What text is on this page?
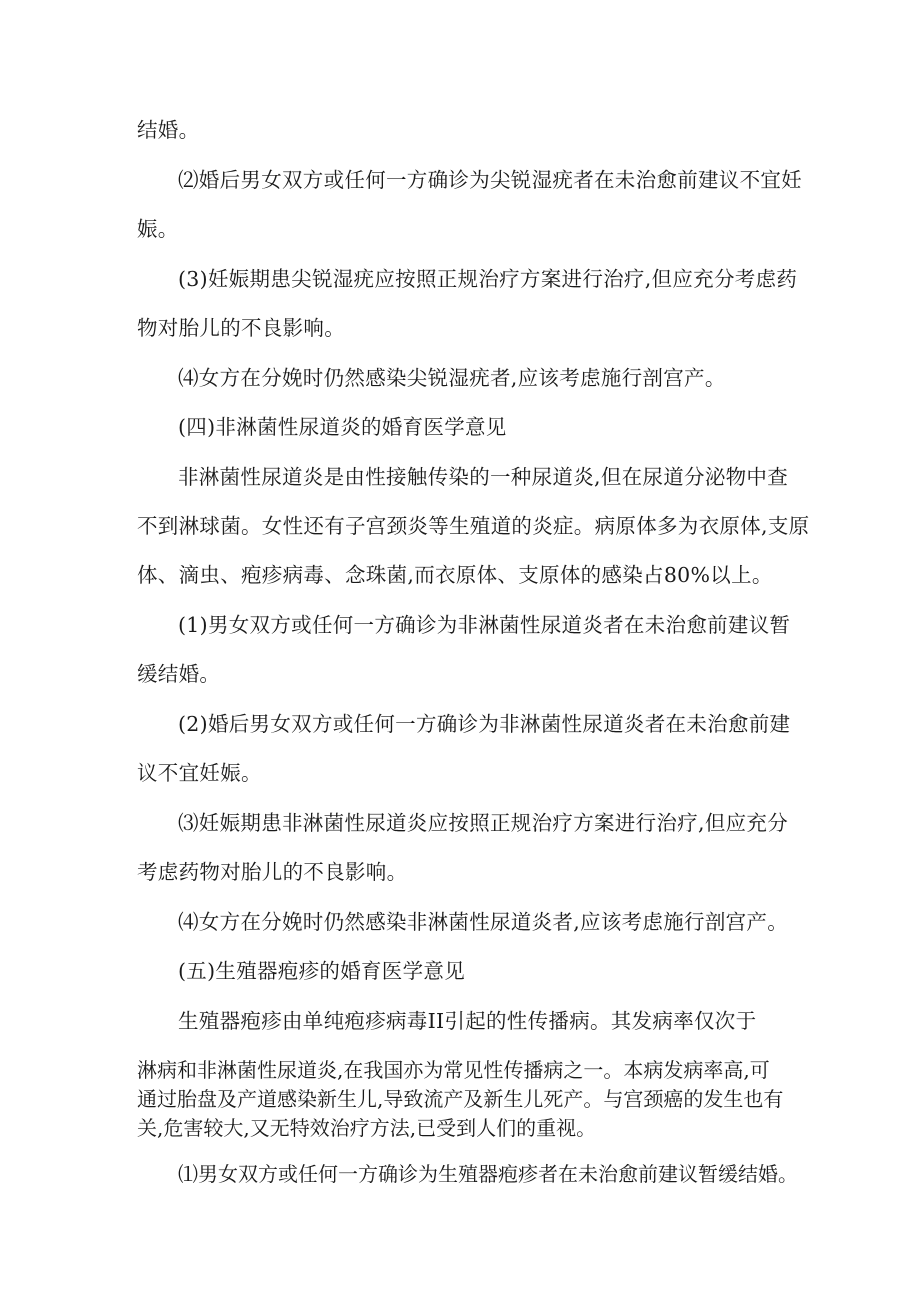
结婚。
⑵婚后男女双方或任何一方确诊为尖锐湿疣者在未治愈前建议不宜妊
娠。
(3)妊娠期患尖锐湿疣应按照正规治疗方案进行治疗,但应充分考虑药
物对胎儿的不良影响。
⑷女方在分娩时仍然感染尖锐湿疣者,应该考虑施行剖宫产。
(四)非淋菌性尿道炎的婚育医学意见
非淋菌性尿道炎是由性接触传染的一种尿道炎,但在尿道分泌物中查
不到淋球菌。女性还有子宫颈炎等生殖道的炎症。病原体多为衣原体,支原
体、滴虫、疱疹病毒、念珠菌,而衣原体、支原体的感染占80%以上。
(1)男女双方或任何一方确诊为非淋菌性尿道炎者在未治愈前建议暂
缓结婚。
(2)婚后男女双方或任何一方确诊为非淋菌性尿道炎者在未治愈前建
议不宜妊娠。
⑶妊娠期患非淋菌性尿道炎应按照正规治疗方案进行治疗,但应充分
考虑药物对胎儿的不良影响。
⑷女方在分娩时仍然感染非淋菌性尿道炎者,应该考虑施行剖宫产。
(五)生殖器疱疹的婚育医学意见
生殖器疱疹由单纯疱疹病毒II引起的性传播病。其发病率仅次于
淋病和非淋菌性尿道炎,在我国亦为常见性传播病之一。本病发病率高,可
通过胎盘及产道感染新生儿,导致流产及新生儿死产。与宫颈癌的发生也有
关,危害较大,又无特效治疗方法,已受到人们的重视。
⑴男女双方或任何一方确诊为生殖器疱疹者在未治愈前建议暂缓结婚。
